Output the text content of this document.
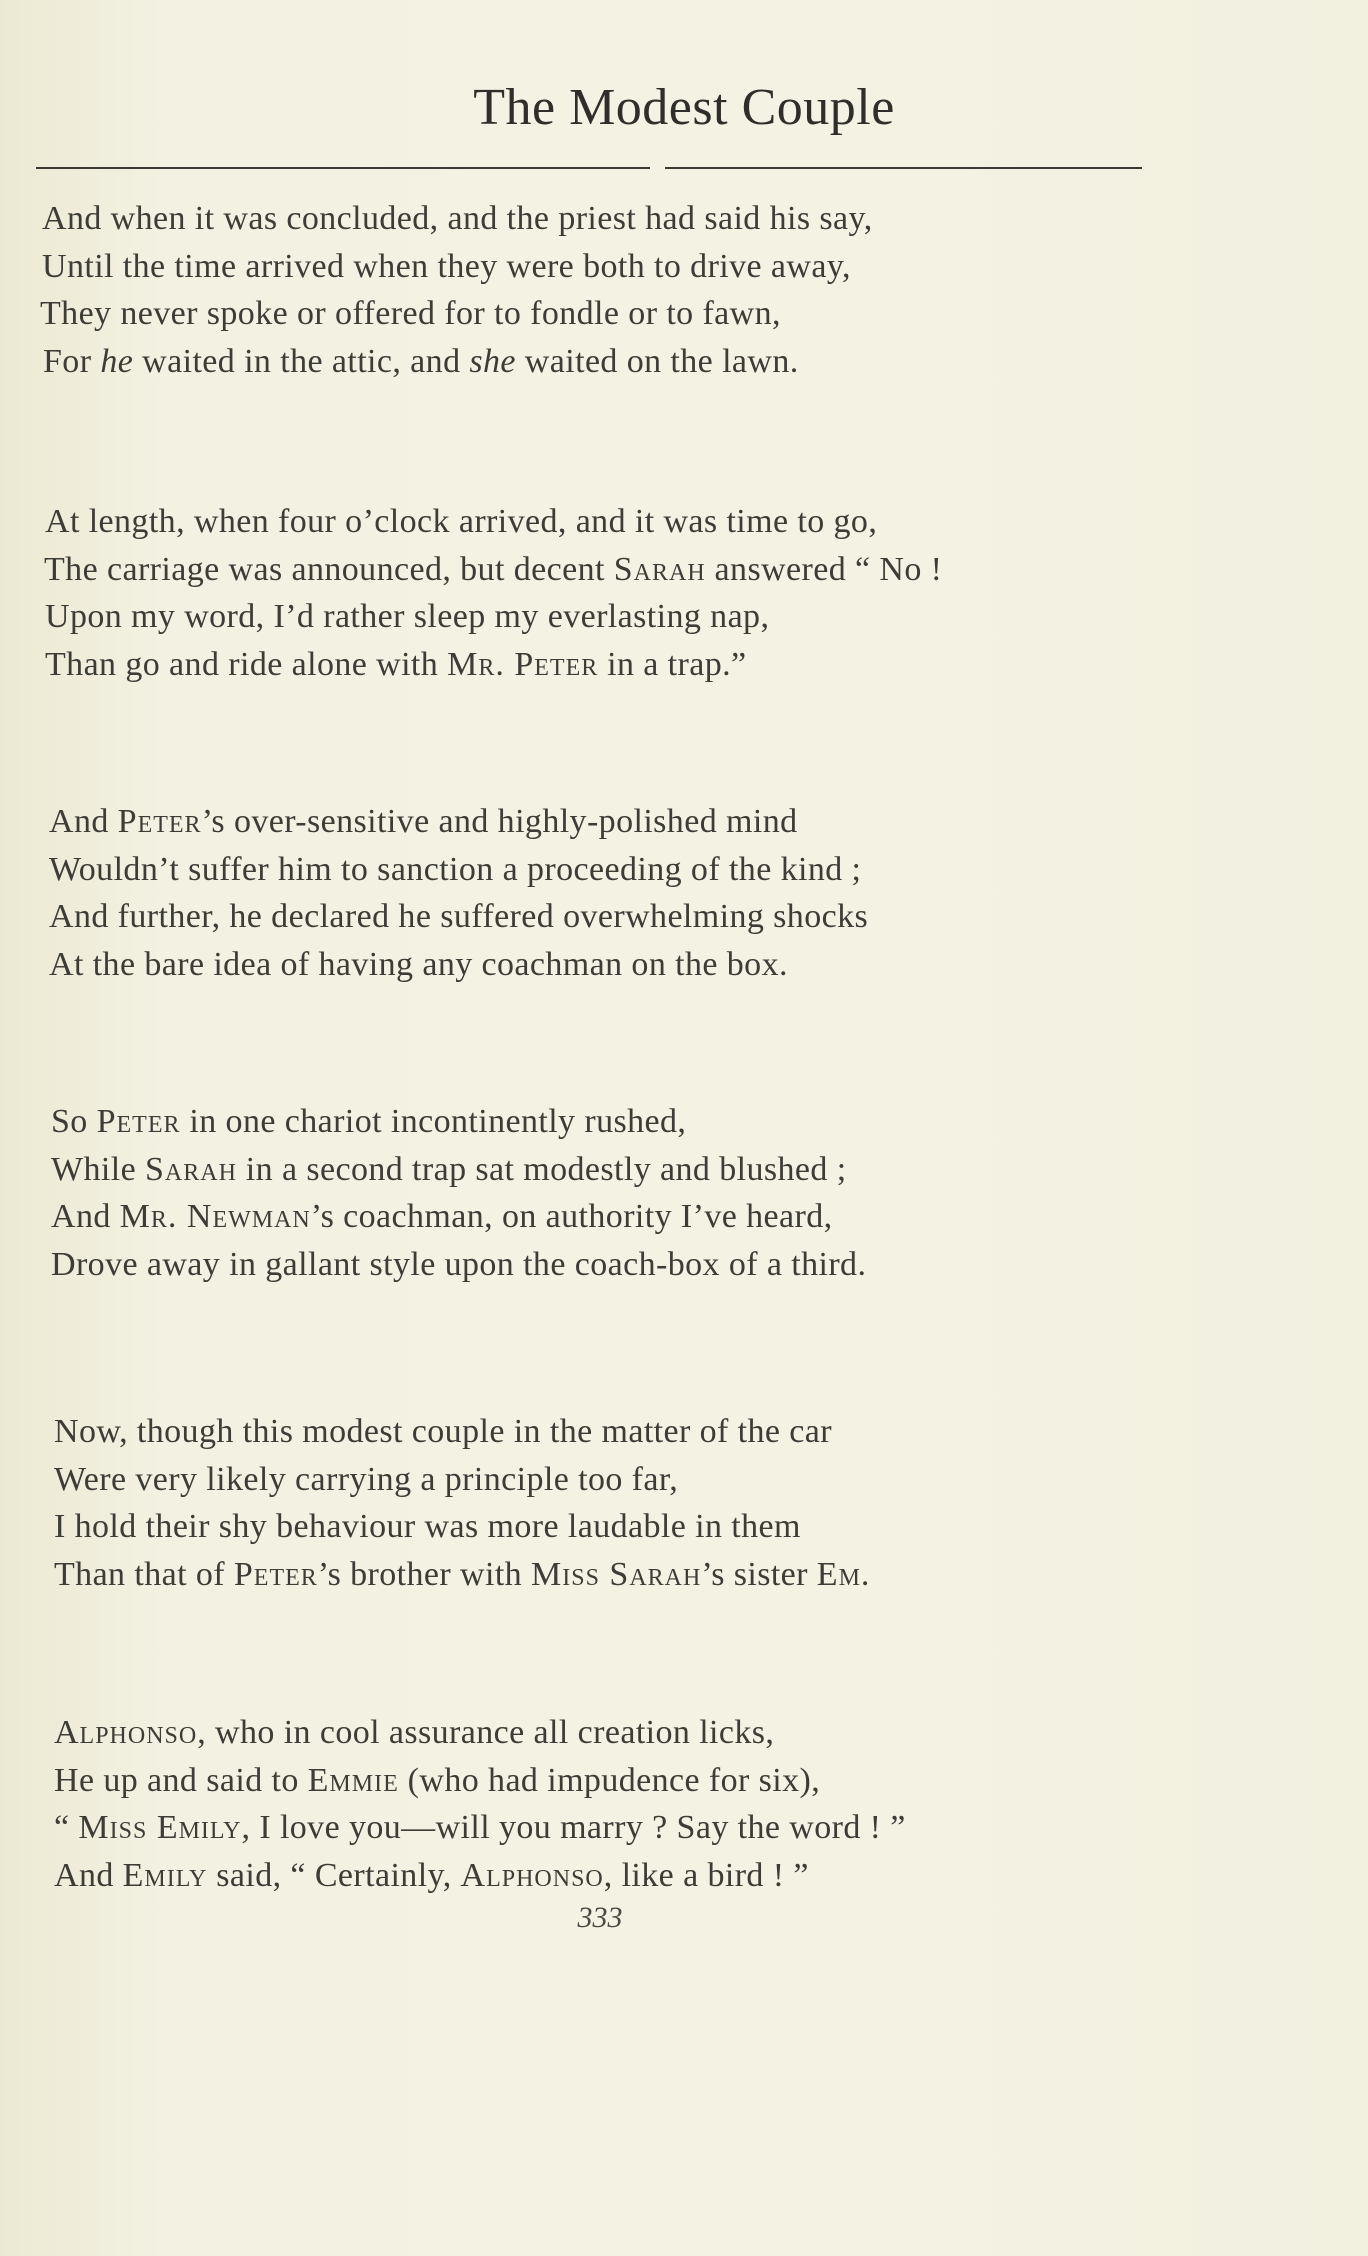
The Modest Couple
And when it was concluded, and the priest had said his say,
Until the time arrived when they were both to drive away,
They never spoke or offered for to fondle or to fawn,
For he waited in the attic, and she waited on the lawn.
At length, when four o’clock arrived, and it was time to go,
The carriage was announced, but decent Sarah answered “ No !
Upon my word, I’d rather sleep my everlasting nap,
Than go and ride alone with Mr. Peter in a trap.”
And Peter’s over-sensitive and highly-polished mind
Wouldn’t suffer him to sanction a proceeding of the kind ;
And further, he declared he suffered overwhelming shocks
At the bare idea of having any coachman on the box.
So Peter in one chariot incontinently rushed,
While Sarah in a second trap sat modestly and blushed ;
And Mr. Newman’s coachman, on authority I’ve heard,
Drove away in gallant style upon the coach-box of a third.
Now, though this modest couple in the matter of the car
Were very likely carrying a principle too far,
I hold their shy behaviour was more laudable in them
Than that of Peter’s brother with Miss Sarah’s sister Em.
Alphonso, who in cool assurance all creation licks,
He up and said to Emmie (who had impudence for six),
“ Miss Emily, I love you—will you marry ? Say the word ! ”
And Emily said, “ Certainly, Alphonso, like a bird ! ”
333
